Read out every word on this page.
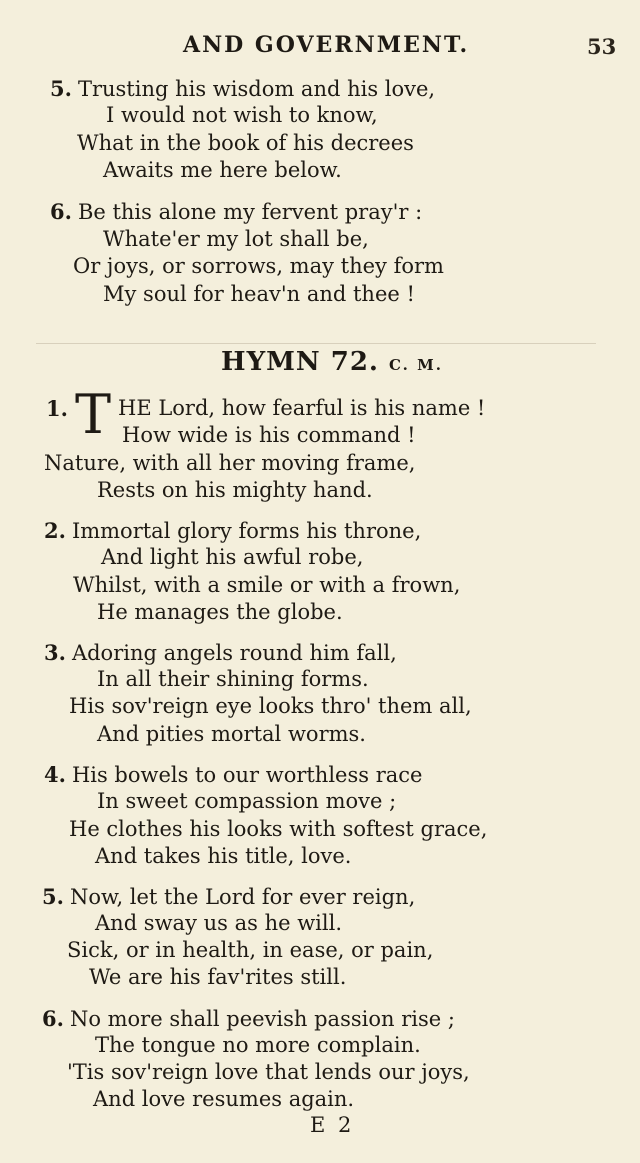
AND GOVERNMENT.	53
5. Trusting his wisdom and his love,
I would not wish to know,
What in the book of his decrees
Awaits me here below.
6. Be this alone my fervent pray'r :
Whate'er my lot shall be,
Or joys, or sorrows, may they form
My soul for heav'n and thee !
HYMN 72. C. M.
1. T HE Lord, how fearful is his name !
How wide is his command !
Nature, with all her moving frame,
Rests on his mighty hand.
2. Immortal glory forms his throne,
And light his awful robe,
Whilst, with a smile or with a frown,
He manages the globe.
3. Adoring angels round him fall,
In all their shining forms.
His sov'reign eye looks thro' them all,
And pities mortal worms.
4. His bowels to our worthless race
In sweet compassion move ;
He clothes his looks with softest grace,
And takes his title, love.
5. Now, let the Lord for ever reign,
And sway us as he will.
Sick, or in health, in ease, or pain,
We are his fav'rites still.
6. No more shall peevish passion rise ;
The tongue no more complain.
'Tis sov'reign love that lends our joys,
And love resumes again.
E 2
